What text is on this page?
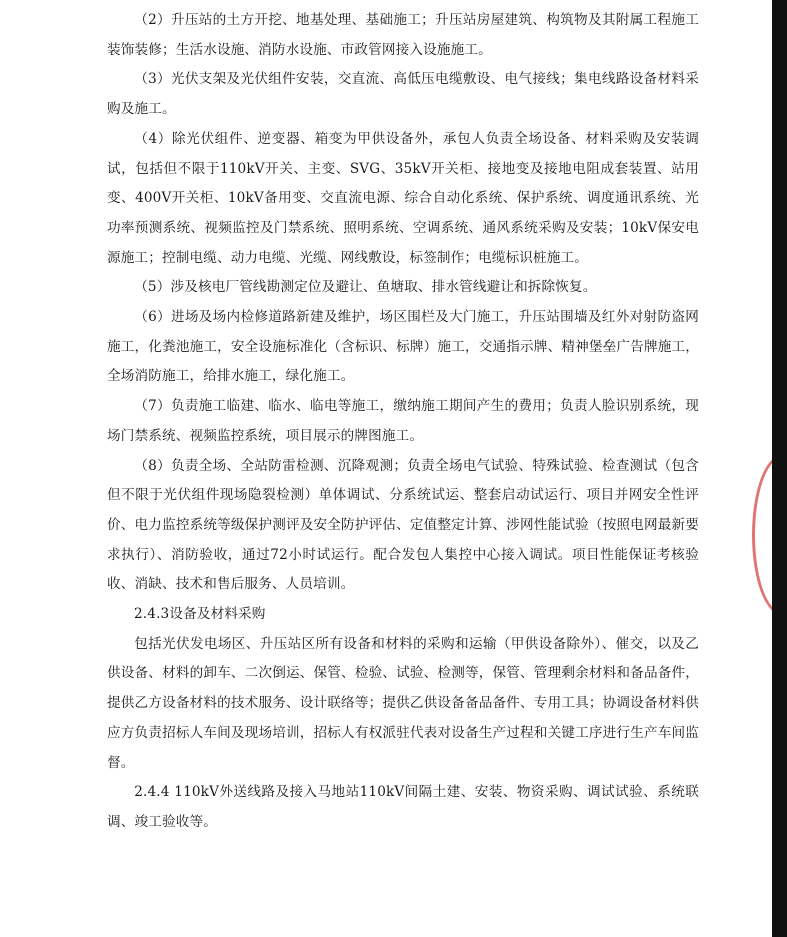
（2）升压站的土方开挖、地基处理、基础施工；升压站房屋建筑、构筑物及其附属工程施工装饰装修；生活水设施、消防水设施、市政管网接入设施施工。

（3）光伏支架及光伏组件安装，交直流、高低压电缆敷设、电气接线；集电线路设备材料采购及施工。

（4）除光伏组件、逆变器、箱变为甲供设备外，承包人负责全场设备、材料采购及安装调试，包括但不限于110kV开关、主变、SVG、35kV开关柜、接地变及接地电阻成套装置、站用变、400V开关柜、10kV备用变、交直流电源、综合自动化系统、保护系统、调度通讯系统、光功率预测系统、视频监控及门禁系统、照明系统、空调系统、通风系统采购及安装；10kV保安电源施工；控制电缆、动力电缆、光缆、网线敷设，标签制作；电缆标识桩施工。

（5）涉及核电厂管线勘测定位及避让、鱼塘取、排水管线避让和拆除恢复。

（6）进场及场内检修道路新建及维护，场区围栏及大门施工，升压站围墙及红外对射防盗网施工，化粪池施工，安全设施标准化（含标识、标牌）施工，交通指示牌、精神堡垒广告牌施工，全场消防施工，给排水施工，绿化施工。

（7）负责施工临建、临水、临电等施工，缴纳施工期间产生的费用；负责人脸识别系统，现场门禁系统、视频监控系统，项目展示的牌图施工。

（8）负责全场、全站防雷检测、沉降观测；负责全场电气试验、特殊试验、检查测试（包含但不限于光伏组件现场隐裂检测）单体调试、分系统试运、整套启动试运行、项目并网安全性评价、电力监控系统等级保护测评及安全防护评估、定值整定计算、涉网性能试验（按照电网最新要求执行）、消防验收，通过72小时试运行。配合发包人集控中心接入调试。项目性能保证考核验收、消缺、技术和售后服务、人员培训。

2.4.3设备及材料采购

包括光伏发电场区、升压站区所有设备和材料的采购和运输（甲供设备除外）、催交，以及乙供设备、材料的卸车、二次倒运、保管、检验、试验、检测等，保管、管理剩余材料和备品备件，提供乙方设备材料的技术服务、设计联络等；提供乙供设备备品备件、专用工具；协调设备材料供应方负责招标人车间及现场培训，招标人有权派驻代表对设备生产过程和关键工序进行生产车间监督。

2.4.4 110kV外送线路及接入马地站110kV间隔土建、安装、物资采购、调试试验、系统联调、竣工验收等。
